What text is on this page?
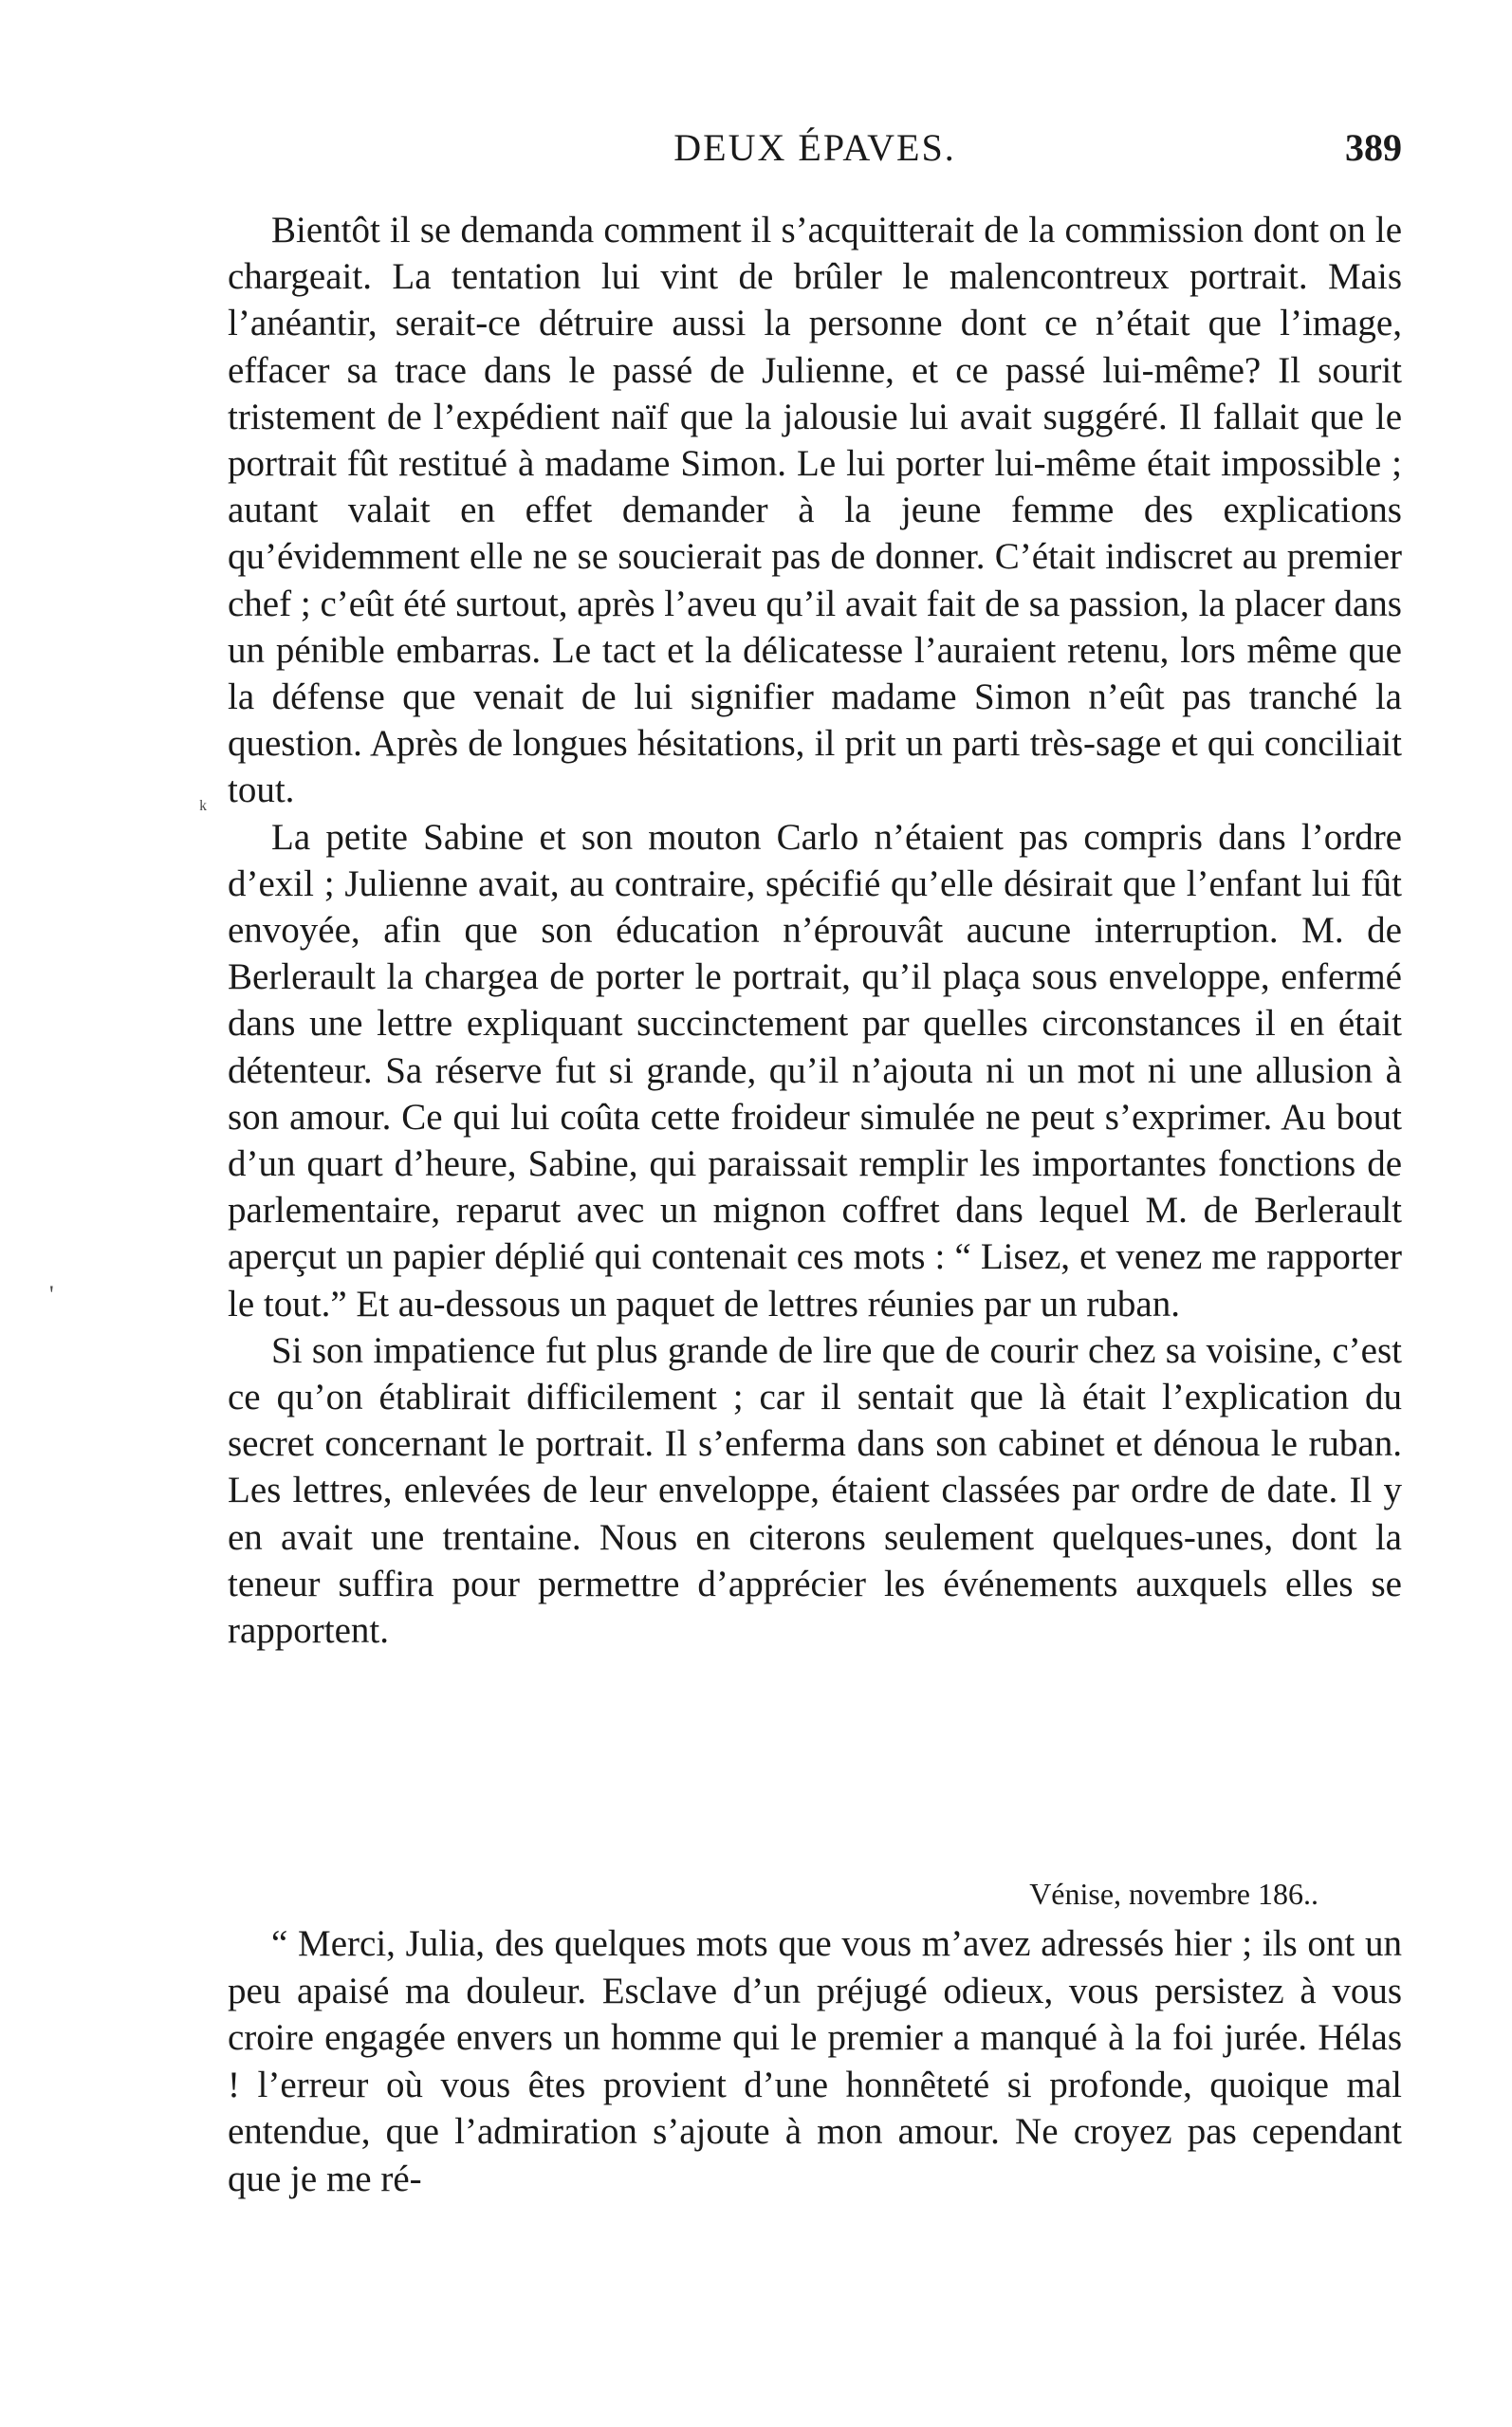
DEUX ÉPAVES.	389

Bientôt il se demanda comment il s’acquitterait de la commission dont on le chargeait. La tentation lui vint de brûler le malencontreux portrait. Mais l’anéantir, serait-ce détruire aussi la personne dont ce n’était que l’image, effacer sa trace dans le passé de Julienne, et ce passé lui-même? Il sourit tristement de l’expédient naïf que la jalousie lui avait suggéré. Il fallait que le portrait fût restitué à madame Simon. Le lui porter lui-même était impossible ; autant valait en effet demander à la jeune femme des explications qu’évidemment elle ne se soucierait pas de donner. C’était indiscret au premier chef ; c’eût été surtout, après l’aveu qu’il avait fait de sa passion, la placer dans un pénible embarras. Le tact et la délicatesse l’auraient retenu, lors même que la défense que venait de lui signifier madame Simon n’eût pas tranché la question. Après de longues hésitations, il prit un parti très-sage et qui conciliait tout.

La petite Sabine et son mouton Carlo n’étaient pas compris dans l’ordre d’exil ; Julienne avait, au contraire, spécifié qu’elle désirait que l’enfant lui fût envoyée, afin que son éducation n’éprouvât aucune interruption. M. de Berlerault la chargea de porter le portrait, qu’il plaça sous enveloppe, enfermé dans une lettre expliquant succinctement par quelles circonstances il en était détenteur. Sa réserve fut si grande, qu’il n’ajouta ni un mot ni une allusion à son amour. Ce qui lui coûta cette froideur simulée ne peut s’exprimer. Au bout d’un quart d’heure, Sabine, qui paraissait remplir les importantes fonctions de parlementaire, reparut avec un mignon coffret dans lequel M. de Berlerault aperçut un papier déplié qui contenait ces mots : “ Lisez, et venez me rapporter le tout.” Et au-dessous un paquet de lettres réunies par un ruban.

Si son impatience fut plus grande de lire que de courir chez sa voisine, c’est ce qu’on établirait difficilement ; car il sentait que là était l’explication du secret concernant le portrait. Il s’enferma dans son cabinet et dénoua le ruban. Les lettres, enlevées de leur enveloppe, étaient classées par ordre de date. Il y en avait une trentaine. Nous en citerons seulement quelques-unes, dont la teneur suffira pour permettre d’apprécier les événements auxquels elles se rapportent.

Vénise, novembre 186..

“ Merci, Julia, des quelques mots que vous m’avez adressés hier ; ils ont un peu apaisé ma douleur. Esclave d’un préjugé odieux, vous persistez à vous croire engagée envers un homme qui le premier a manqué à la foi jurée. Hélas ! l’erreur où vous êtes provient d’une honnêteté si profonde, quoique mal entendue, que l’admiration s’ajoute à mon amour. Ne croyez pas cependant que je me ré-

ᵏ
'
